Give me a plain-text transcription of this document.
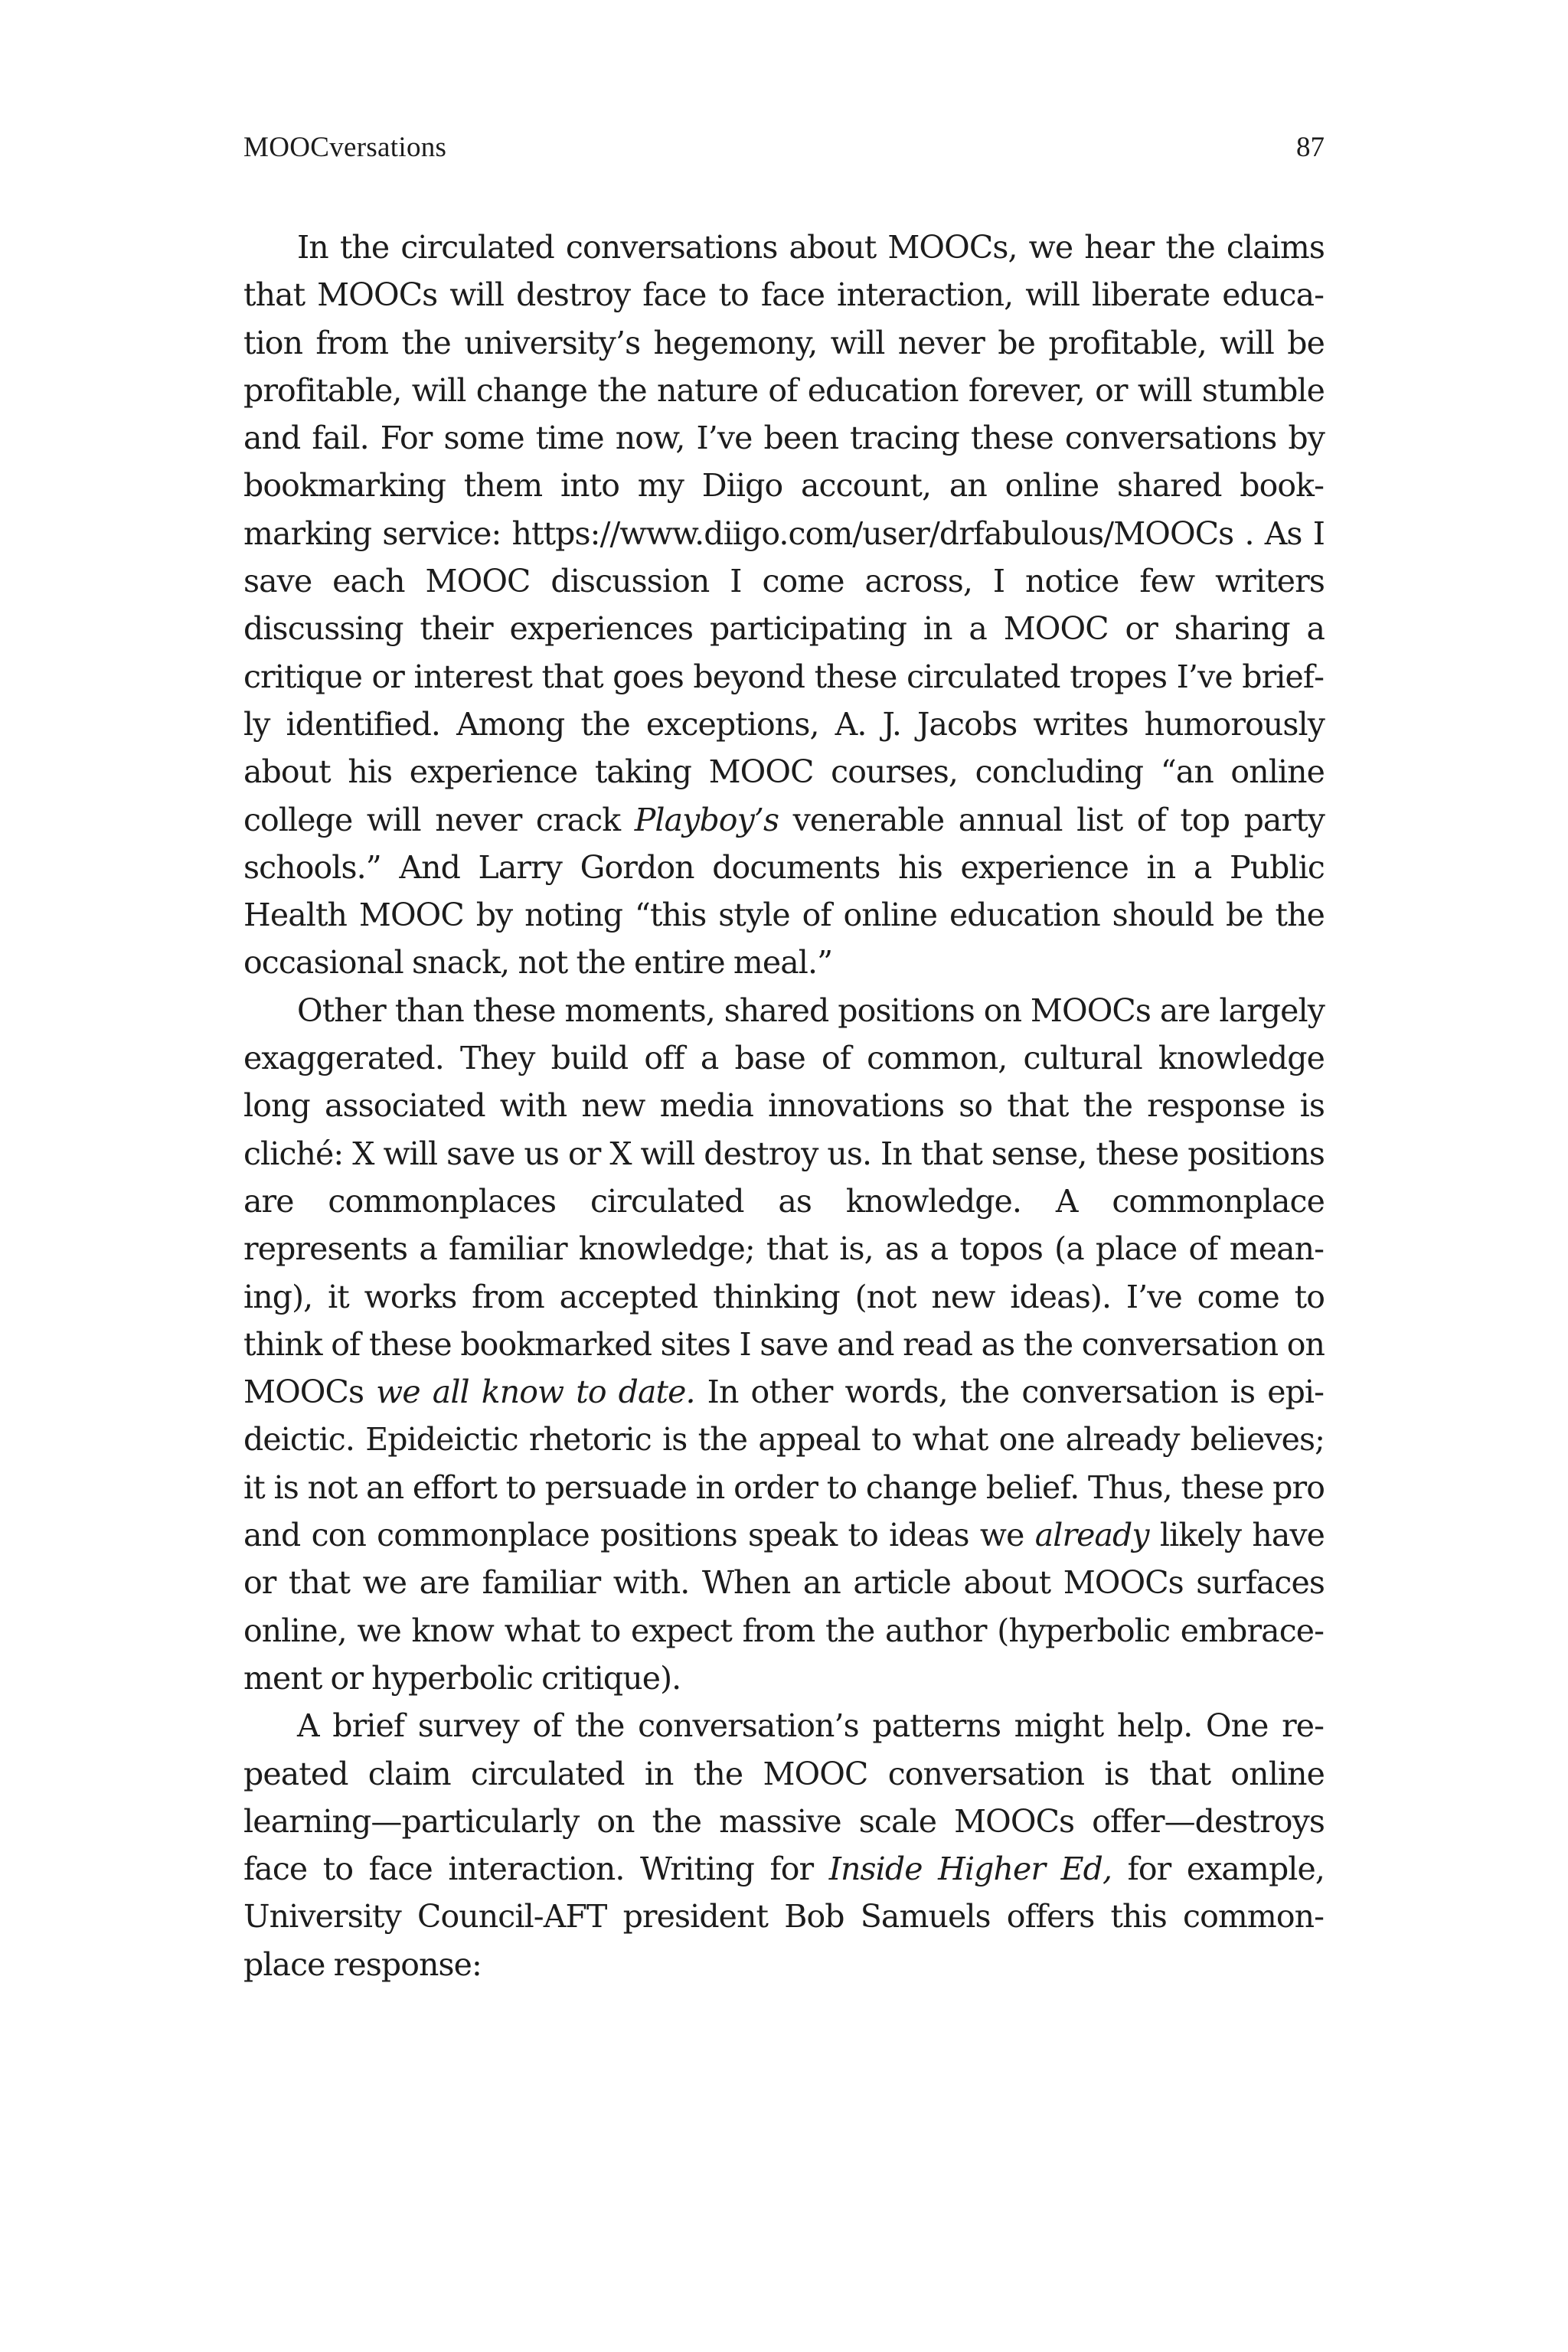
MOOCversations	87

In the circulated conversations about MOOCs, we hear the claims that MOOCs will destroy face to face interaction, will liberate education from the university’s hegemony, will never be profitable, will be profitable, will change the nature of education forever, or will stumble and fail. For some time now, I’ve been tracing these conversations by bookmarking them into my Diigo account, an online shared bookmarking service: https://www.diigo.com/user/drfabulous/MOOCs . As I save each MOOC discussion I come across, I notice few writers discussing their experiences participating in a MOOC or sharing a critique or interest that goes beyond these circulated tropes I’ve briefly identified. Among the exceptions, A. J. Jacobs writes humorously about his experience taking MOOC courses, concluding “an online college will never crack Playboy’s venerable annual list of top party schools.” And Larry Gordon documents his experience in a Public Health MOOC by noting “this style of online education should be the occasional snack, not the entire meal.”

Other than these moments, shared positions on MOOCs are largely exaggerated. They build off a base of common, cultural knowledge long associated with new media innovations so that the response is cliché: X will save us or X will destroy us. In that sense, these positions are commonplaces circulated as knowledge. A commonplace represents a familiar knowledge; that is, as a topos (a place of meaning), it works from accepted thinking (not new ideas). I’ve come to think of these bookmarked sites I save and read as the conversation on MOOCs we all know to date. In other words, the conversation is epideictic. Epideictic rhetoric is the appeal to what one already believes; it is not an effort to persuade in order to change belief. Thus, these pro and con commonplace positions speak to ideas we already likely have or that we are familiar with. When an article about MOOCs surfaces online, we know what to expect from the author (hyperbolic embracement or hyperbolic critique).

A brief survey of the conversation’s patterns might help. One repeated claim circulated in the MOOC conversation is that online learning—particularly on the massive scale MOOCs offer—destroys face to face interaction. Writing for Inside Higher Ed, for example, University Council-AFT president Bob Samuels offers this commonplace response:
